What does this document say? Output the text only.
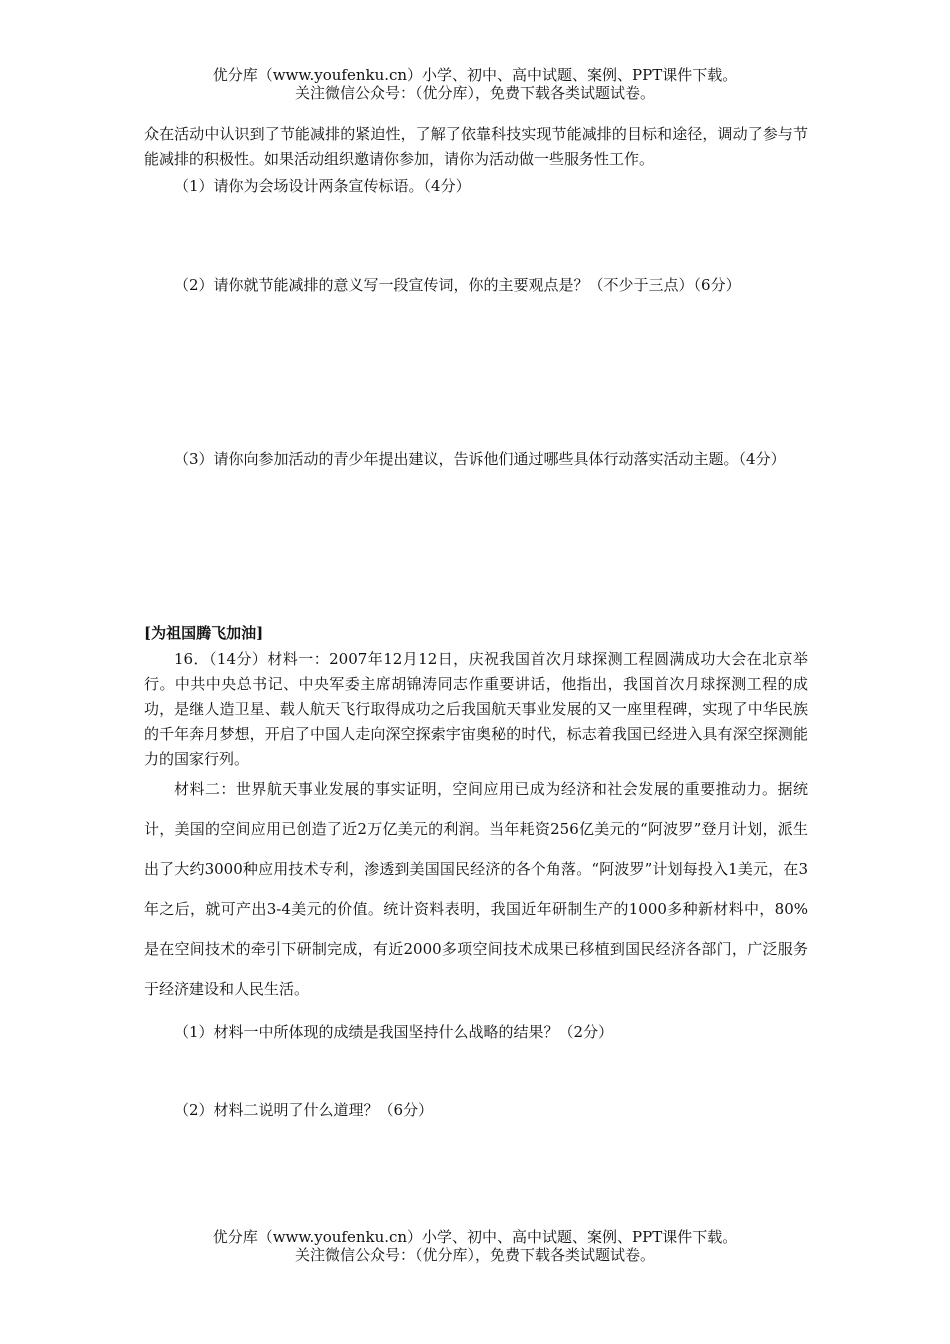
优分库（www.youfenku.cn）小学、初中、高中试题、案例、PPT课件下载。
关注微信公众号：（优分库），免费下载各类试题试卷。

众在活动中认识到了节能减排的紧迫性，了解了依靠科技实现节能减排的目标和途径，调动了参与节能减排的积极性。如果活动组织邀请你参加，请你为活动做一些服务性工作。

（1）请你为会场设计两条宣传标语。（4分）

（2）请你就节能减排的意义写一段宣传词，你的主要观点是？（不少于三点）（6分）

（3）请你向参加活动的青少年提出建议，告诉他们通过哪些具体行动落实活动主题。（4分）

[为祖国腾飞加油]

16．（14分）材料一：2007年12月12日，庆祝我国首次月球探测工程圆满成功大会在北京举行。中共中央总书记、中央军委主席胡锦涛同志作重要讲话，他指出，我国首次月球探测工程的成功，是继人造卫星、载人航天飞行取得成功之后我国航天事业发展的又一座里程碑，实现了中华民族的千年奔月梦想，开启了中国人走向深空探索宇宙奥秘的时代，标志着我国已经进入具有深空探测能力的国家行列。

材料二：世界航天事业发展的事实证明，空间应用已成为经济和社会发展的重要推动力。据统计，美国的空间应用已创造了近2万亿美元的利润。当年耗资256亿美元的“阿波罗”登月计划，派生出了大约3000种应用技术专利，渗透到美国国民经济的各个角落。“阿波罗”计划每投入1美元，在3年之后，就可产出3-4美元的价值。统计资料表明，我国近年研制生产的1000多种新材料中，80%是在空间技术的牵引下研制完成，有近2000多项空间技术成果已移植到国民经济各部门，广泛服务于经济建设和人民生活。

（1）材料一中所体现的成绩是我国坚持什么战略的结果？（2分）

（2）材料二说明了什么道理？（6分）

优分库（www.youfenku.cn）小学、初中、高中试题、案例、PPT课件下载。
关注微信公众号：（优分库），免费下载各类试题试卷。
